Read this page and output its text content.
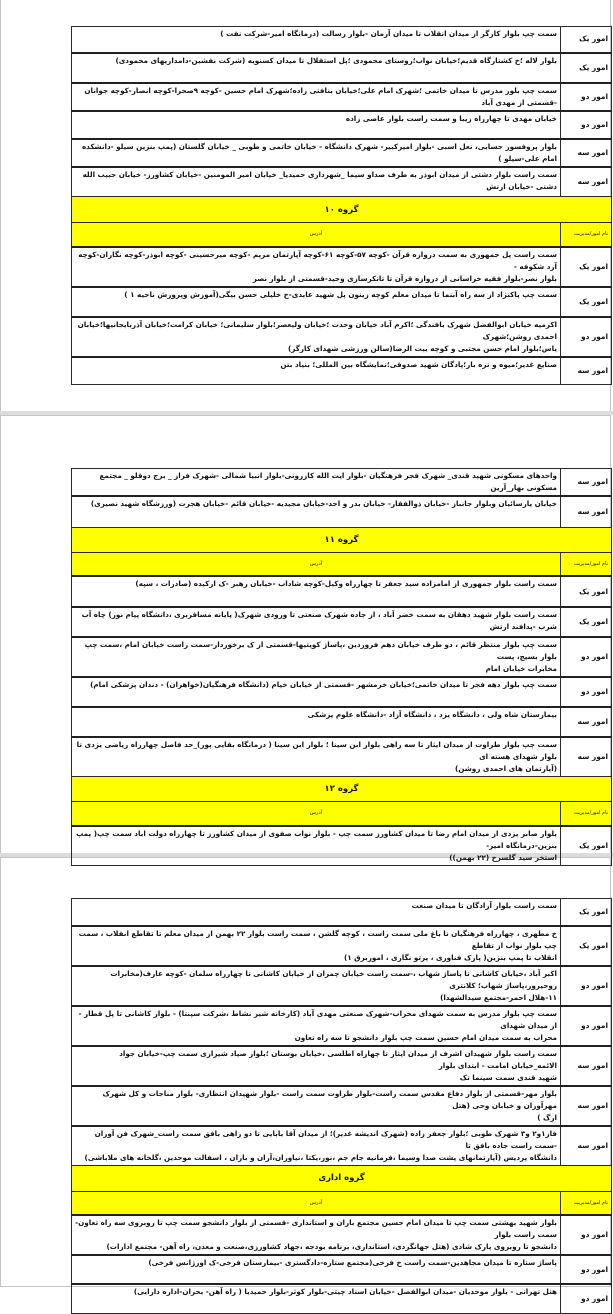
امور یک	سمت چپ بلوار کارگر از میدان انقلاب تا میدان آرمان -بلوار رسالت (درمانگاه امیر-شرکت نفت )
امور یک	بلوار لاله ؛خ کشتارگاه قدیم؛خیابان نواب؛روستای محمودی ؛پل استقلال تا میدان کسنویه (شرکت نفشین-دامداریهای محمودی)
امور دو	سمت چپ بلور مدرس تا میدان خاتمی ؛شهرک امام علی؛خیابان بنافتی زاده؛شهرک امام حسین -کوچه ۹صحرا-کوچه انصار-کوچه جوانان -قسمتی از مهدی آباد
امور دو	خیابان مهدی تا چهارراه زیبا و سمت راست بلوار عاصی زاده
امور سه	بلوار پروفسور حسابی، نعل اسبی -بلوار امیرکبیر- شهرک دانشگاه - خیابان خاتمی و طوبی _ خیابان گلستان (پمپ بنزین سیلو -دانشکده امام علی-سیلو )
امور سه	سمت راست بلوار دشتی از میدان ابوذر به طرف صداو سیما _شهرداری حمیدیا_ خیابان امیر المومنین -خیابان کشاورز- خیابان حبیب الله دشتی -خیابان ارتش
گروه ۱۰	
نام امور/مدیریت	آدرس
امور یک	سمت راست پل جمهوری به سمت دروازه قرآن -کوچه ۵۷-کوچه ۶۱-کوچه آپارتمان مریم -کوچه میرحسینی -کوچه ابوذر-کوچه نگاران-کوچه آرد شکوفه -
بلوار نصر-بلوار فقیه خراسانی از دروازه قرآن تا تانکرسازی وحید-قسمتی از بلوار نصر

امور یک	سمت چپ پاکنژاد از سه راه آبنما تا میدان معلم کوچه زیتون پل شهید عابدی-خ خلیلی حسن بیگی(آموزش وپرورش ناحیه ۱ )
امور دو	اکرمیه خیابان ابوالفضل شهرک بافندگی ؛اکرم آباد خیابان وحدت ؛خیابان ولیعصر؛بلوار سلیمانی؛ خیابان کرامت؛خیابان آذربایجانیها؛خیابان احمدی روشن؛شهرک
یاس؛بلوار امام حسن مجتبی و کوچه بیت الرضا(سالن ورزشی شهدای کارگر)

امور سه	صنایع غدیر؛میوه و تره بار؛پادگان شهید صدوقی؛نمایشگاه بین المللی؛ بنیاد بتن
امور سه	واحدهای مسکونی شهید قندی_ شهرک فجر فرهنگیان -بلوار ایت الله کازرونی-بلوار انبیا شمالی -شهرک فراز _ برج دوقلو _ مجتمع مسکونی بهار_آرین
امور سه	خیابان پارسائیان وبلوار جانباز -خیابان ذوالفقار- خیابان بدر و احد-خیابان مجیدیه -خیابان قائم -خیابان هجرت (ورزشگاه شهید نصیری)
گروه ۱۱	
نام امور/مدیریت	آدرس
امور یک	سمت راست بلوار جمهوری از امامزاده سید جعفر تا چهارراه وکیل-کوچه شاداب -خیابان رهبر -ک ارکیده (صادرات ، سپه)
امور یک	سمت راست بلوار شهید دهقان به سمت خضر آباد ، از جاده شهرک صنعتی تا ورودی شهرک( پایانه مسافربری ،دانشگاه پیام نور) چاه آب شرب -پدافند ارتش
امور دو	سمت چپ بلوار منتظر قائم ، دو طرف خیابان دهم فروردین ،پاساژ کویتیها-قسمتی از ک برخوردار-سمت راست خیابان امام ،سمت چپ بلوار بسیج، پست
مخابرات خیابان امام

امور دو	سمت چپ بلوار دهه فجر تا میدان خاتمی؛خیابان خرمشهر -قسمتی از خیابان خیام (دانشگاه فرهنگیان(خواهران) - دندان پزشکی امام)
امور سه	بیمارستان شاه ولی ، دانشگاه یزد ، دانشگاه آزاد -دانشگاه علوم پزشکی
امور سه	سمت چپ بلوار طراوت از میدان ایثار تا سه راهی بلوار ابن سینا ؛ بلوار ابن سینا ( درمانگاه بقایی پور)_حد فاصل چهارراه ریاضی یزدی تا بلوار شهدای هسته ای
(آپارتمان های احمدی روشن)

گروه ۱۲	
نام امور/مدیریت	آدرس
امور یک	بلوار صابر یزدی از میدان امام رضا تا میدان کشاورز سمت چپ - بلوار نواب صفوی از میدان کشاورز تا چهارراه دولت اباد سمت چپ( پمپ بنزین-درمانگاه امیر-
استخر سید گلسرخ (۲۲ بهمن))
امور یک	سمت راست بلوار آزادگان تا میدان صنعت
امور یک	خ مطهری ، چهارراه فرهنگیان تا باغ ملی سمت راست ، کوچه گلشن ، سمت راست بلوار ۲۲ بهمن از میدان معلم تا تقاطع انقلاب ، سمت چپ بلوار نواب از تقاطع
انقلاب تا پمپ بنزین( پارک فناوری ، پرتو نگاری ، اموربرق ۱)

امور دو	اکبر آباد ،خیابان کاشانی تا پاساژ شهاب ،-سمت راست خیابان چمران از خیابان کاشانی تا چهارراه سلمان -کوچه عارف(مخابرات روحیرور،پاساژ شهاب؛ کلانتری
۱۱-هلال احمر-مجتمع سیدالشهدا)

امور دو	سمت چپ بلوار مدرس به سمت شهدای محراب-شهرک صنعتی مهدی آباد (کارخانه شیر نشاط ،شرکت سپنتا) - بلوار کاشانی تا پل قطار - از میدان شهدای
محراب به سمت میدان امام حسین سمت چپ بلوار دانشجو تا سه راه تعاون

امور سه	سمت راست بلوار شهیدان اشرف از میدان ایثار تا چهاراه اطلسی ،خیابان بوستان ؛بلوار صیاد شیرازی سمت چپ-خیابان جواد الائمه_خیابان امامت - ابتدای بلوار
شهید قندی سمت سینما تک

امور سه	بلوار مهر-قسمتی از بلوار دفاع مقدس سمت راست-بلوار طراوت سمت راست -بلوار شهیدان انتظاری- بلوار مناجات و کل شهرک مهرآوران و خیابان وحی (هتل
ارگ )

امور سه	فاز۱و۲ و۳ شهرک طوبی ؛بلوار جعفر زاده (شهرک اندیشه غدیر)؛ از میدان آقا بابایی تا دو راهی بافق سمت راست_شهرک فن آوران -سمت راست جاده بافق تا
دانشگاه پردیس (آپارتمانهای پشت صدا وسیما ،فرمانیه جام جم ،نور،یکتا ،نیاوران،آران و باران ، اسفالت موحدین ،گلخانه های ملاباشی)

گروه اداری	
نام امور/مدیریت	آدرس
امور دو	بلوار شهید بهشتی سمت چپ تا میدان امام حسین مجتمع باران و استانداری -قسمتی از بلوار دانشجو سمت چپ تا روبروی سه راه تعاون-سمت راست بلوار
دانشجو تا روبروی پارک شادی (هتل جهانگردی، استانداری، برنامه بودجه ،جهاد کشاورزی،صنعت و معدن، راه آهن- مجتمع ادارات)

امور دو	پاساژ ستاره تا میدان مجاهدین-سمت راست خ فرخی(مجتمع ستاره-دادگستری -بیمارستان فرخی-ک اورژانس فرخی)
امور دو	هتل تهرانی - بلوار موحدیان -میدان ابوالفضل -خیابان استاد چیتی-بلوار کوثر-بلوار حمیدیا ( راه آهن- بحران-اداره دارایی)
